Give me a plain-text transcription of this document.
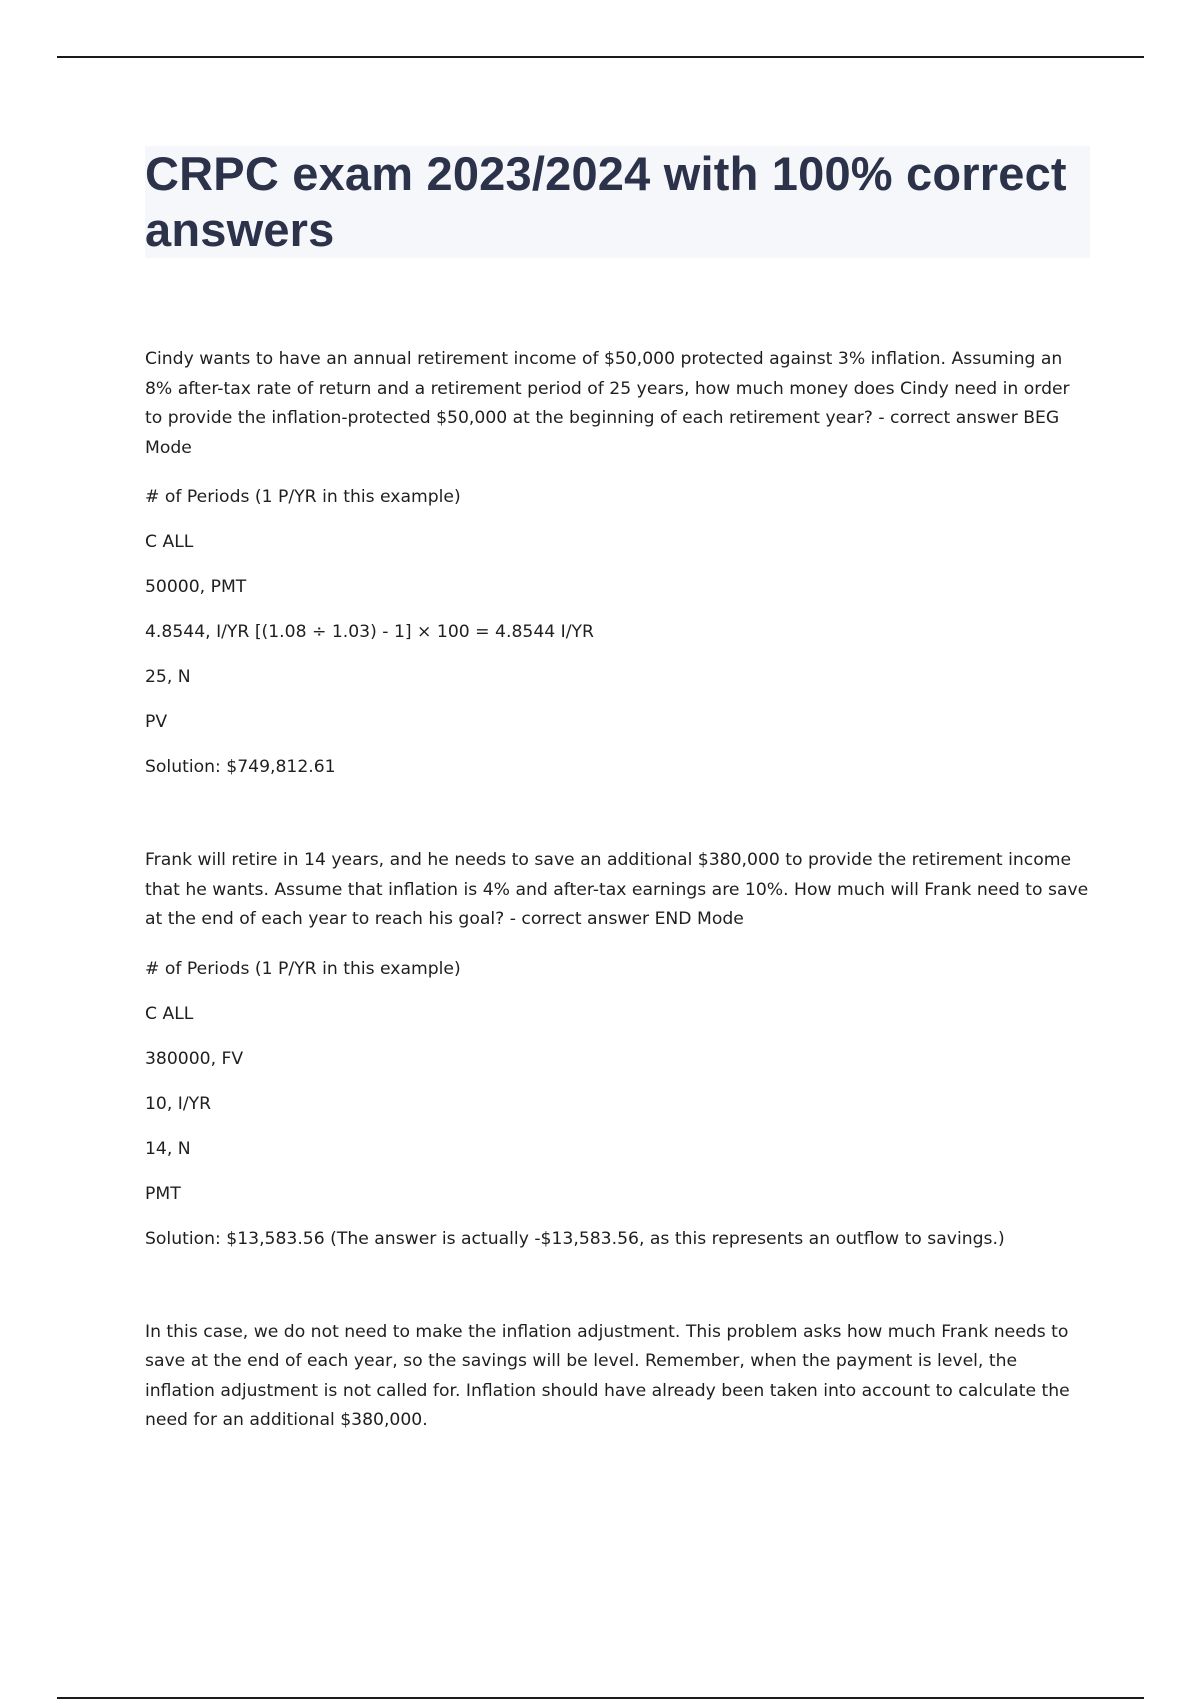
CRPC exam 2023/2024 with 100% correct answers

Cindy wants to have an annual retirement income of $50,000 protected against 3% inflation. Assuming an 8% after-tax rate of return and a retirement period of 25 years, how much money does Cindy need in order to provide the inflation-protected $50,000 at the beginning of each retirement year? - correct answer BEG Mode

# of Periods (1 P/YR in this example)

C ALL

50000, PMT

4.8544, I/YR [(1.08 ÷ 1.03) - 1] × 100 = 4.8544 I/YR

25, N

PV

Solution: $749,812.61

Frank will retire in 14 years, and he needs to save an additional $380,000 to provide the retirement income that he wants. Assume that inflation is 4% and after-tax earnings are 10%. How much will Frank need to save at the end of each year to reach his goal? - correct answer END Mode

# of Periods (1 P/YR in this example)

C ALL

380000, FV

10, I/YR

14, N

PMT

Solution: $13,583.56 (The answer is actually -$13,583.56, as this represents an outflow to savings.)

In this case, we do not need to make the inflation adjustment. This problem asks how much Frank needs to save at the end of each year, so the savings will be level. Remember, when the payment is level, the inflation adjustment is not called for. Inflation should have already been taken into account to calculate the need for an additional $380,000.
